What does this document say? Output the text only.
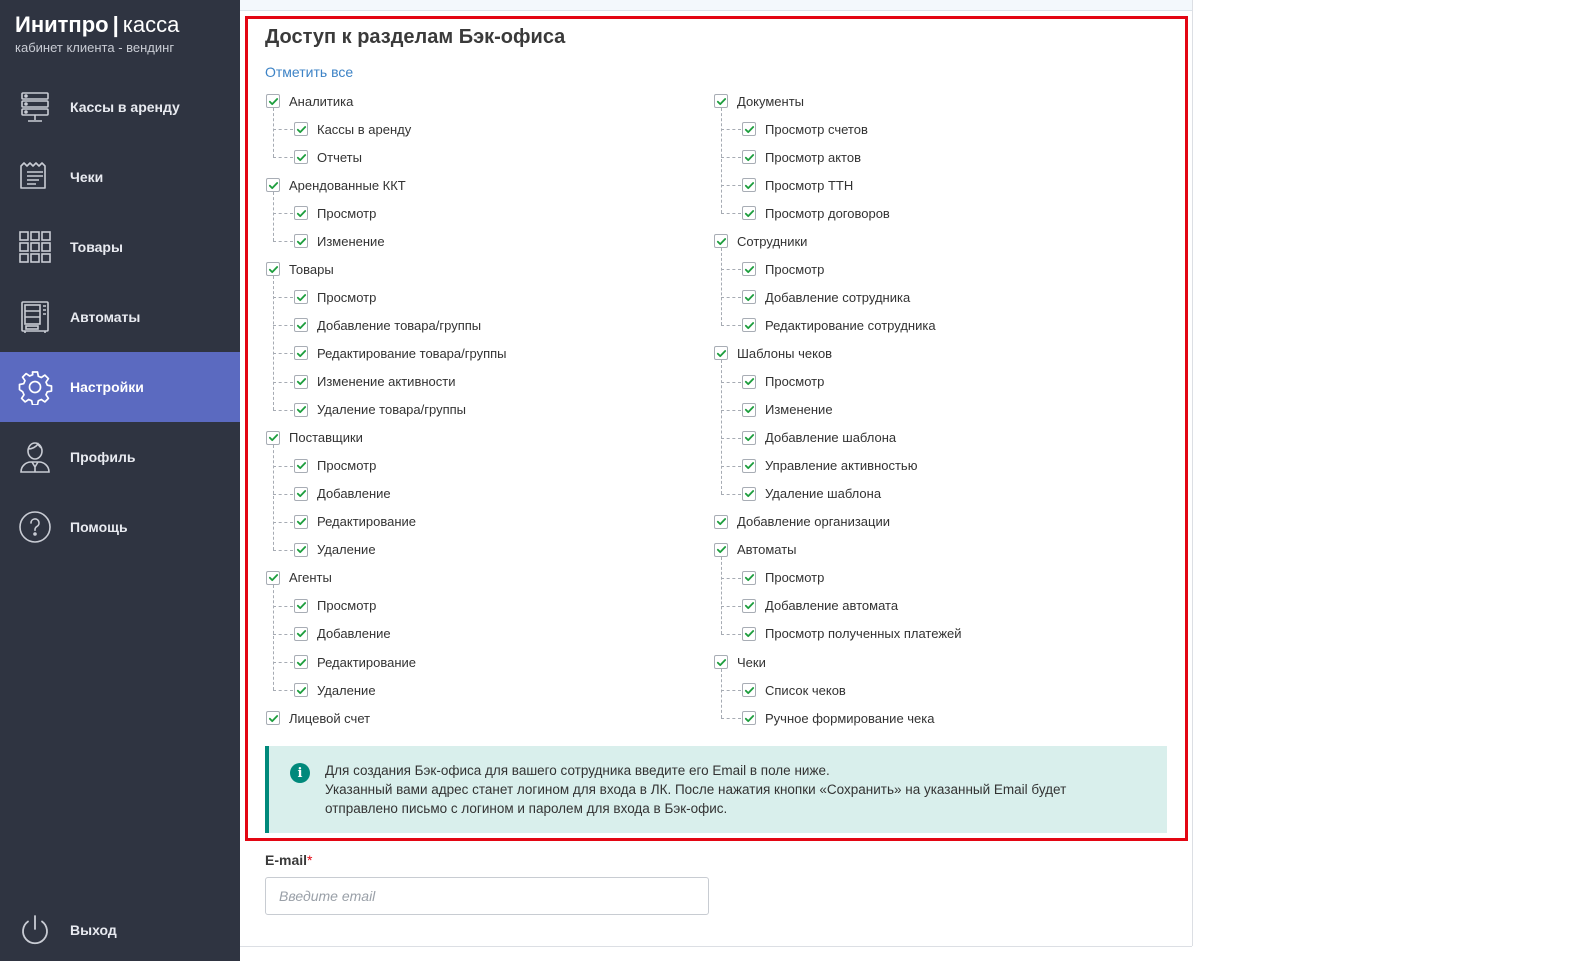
Инитпро | касса
кабинет клиента - вендинг
Кассы в аренду
Чеки
Товары
Автоматы
Настройки
Профиль
Помощь
Выход
Доступ к разделам Бэк-офиса
Отметить все
Аналитика
Кассы в аренду
Отчеты
Арендованные ККТ
Просмотр
Изменение
Товары
Просмотр
Добавление товара/группы
Редактирование товара/группы
Изменение активности
Удаление товара/группы
Поставщики
Просмотр
Добавление
Редактирование
Удаление
Агенты
Просмотр
Добавление
Редактирование
Удаление
Лицевой счет
Документы
Просмотр счетов
Просмотр актов
Просмотр ТТН
Просмотр договоров
Сотрудники
Просмотр
Добавление сотрудника
Редактирование сотрудника
Шаблоны чеков
Просмотр
Изменение
Добавление шаблона
Управление активностью
Удаление шаблона
Добавление организации
Автоматы
Просмотр
Добавление автомата
Просмотр полученных платежей
Чеки
Список чеков
Ручное формирование чека
i	Для создания Бэк-офиса для вашего сотрудника введите его Email в поле ниже.
Указанный вами адрес станет логином для входа в ЛК. После нажатия кнопки «Сохранить» на указанный Email будет
отправлено письмо с логином и паролем для входа в Бэк-офис.
E-mail*
Введите email
